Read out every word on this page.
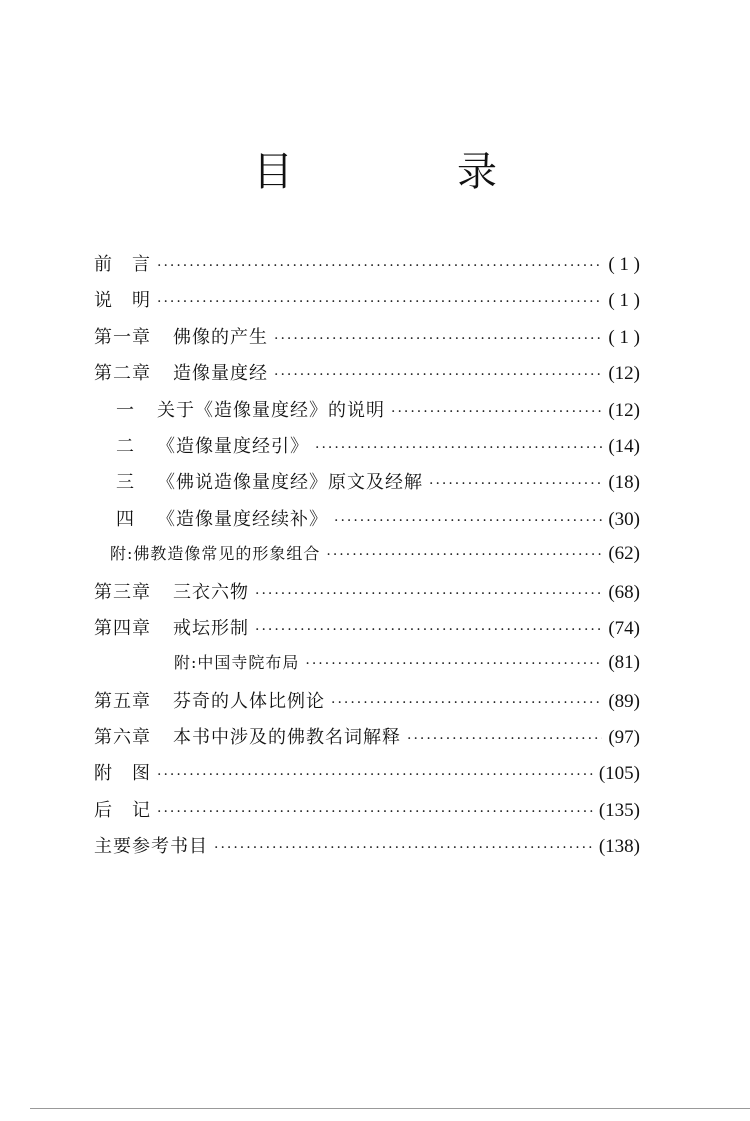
目　录
前　言 ·····	( 1 )
说　明 ·····	( 1 )
第一章 佛像的产生 ·····	( 1 )
第二章 造像量度经 ·····	(12)
一 关于《造像量度经》的说明 ·····	(12)
二 《造像量度经引》 ·····	(14)
三 《佛说造像量度经》原文及经解 ·····	(18)
四 《造像量度经续补》 ·····	(30)
附:佛教造像常见的形象组合 ·····	(62)
第三章 三衣六物 ·····	(68)
第四章 戒坛形制 ·····	(74)
附:中国寺院布局 ·····	(81)
第五章 芬奇的人体比例论 ·····	(89)
第六章 本书中涉及的佛教名词解释 ·····	(97)
附　图 ·····	(105)
后　记 ·····	(135)
主要参考书目 ·····	(138)
